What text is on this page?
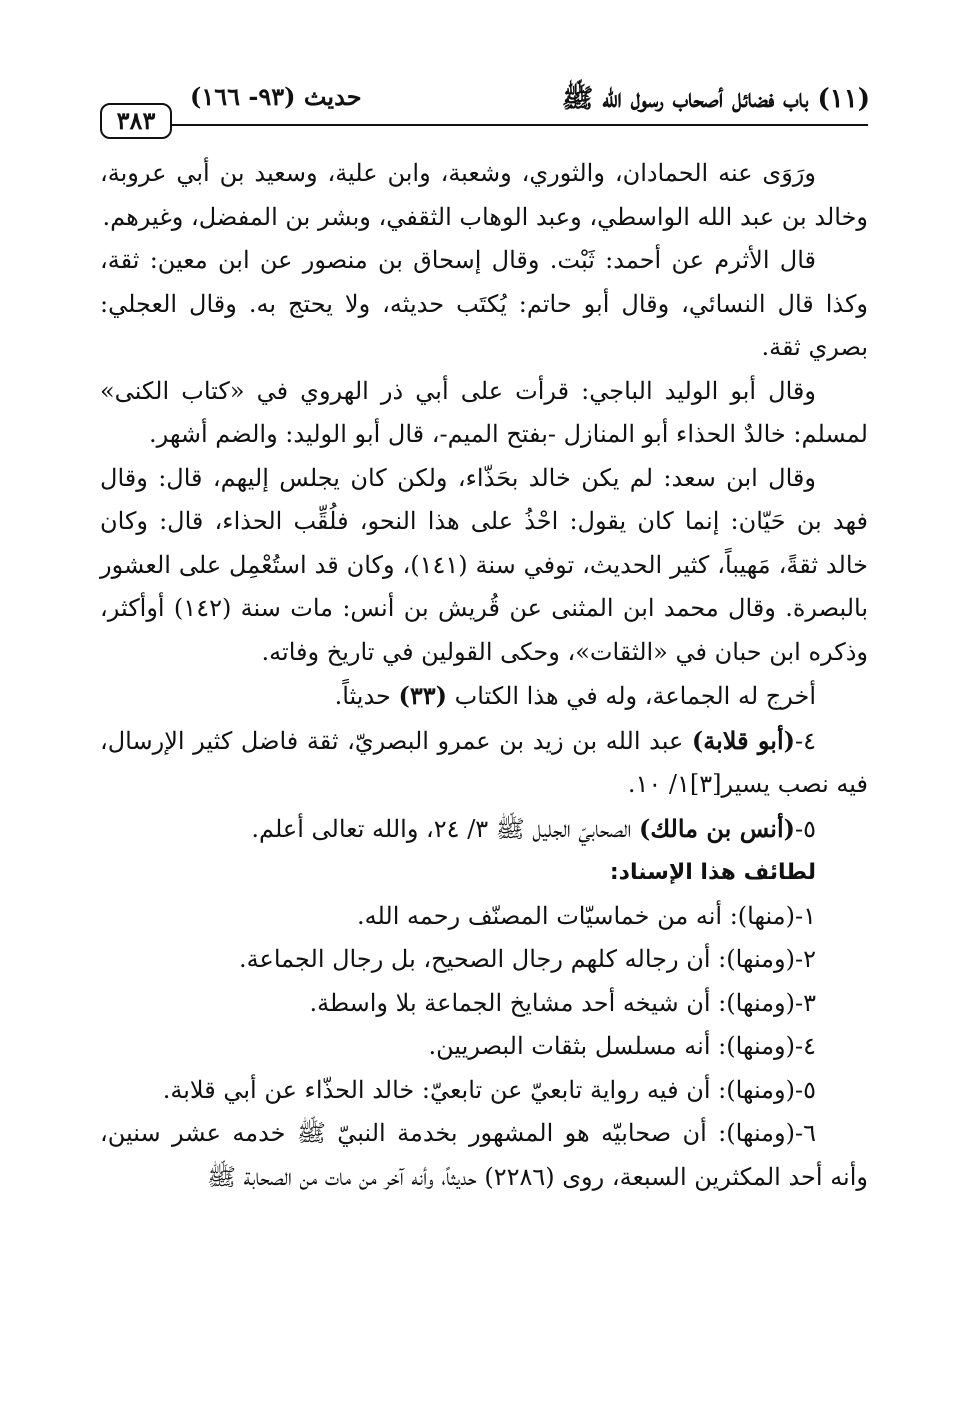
(١١) باب فضائل أصحاب رسول الله ﷺ
حديث (٩٣- ١٦٦)
٣٨٣

ورَوَى عنه الحمادان، والثوري، وشعبة، وابن علية، وسعيد بن أبي عروبة، وخالد بن عبد الله الواسطي، وعبد الوهاب الثقفي، وبشر بن المفضل، وغيرهم.

قال الأثرم عن أحمد: ثَبْت. وقال إسحاق بن منصور عن ابن معين: ثقة، وكذا قال النسائي، وقال أبو حاتم: يُكتَب حديثه، ولا يحتج به. وقال العجلي: بصري ثقة.

وقال أبو الوليد الباجي: قرأت على أبي ذر الهروي في «كتاب الكنى» لمسلم: خالدٌ الحذاء أبو المنازل -بفتح الميم-، قال أبو الوليد: والضم أشهر.

وقال ابن سعد: لم يكن خالد بحَذّاء، ولكن كان يجلس إليهم، قال: وقال فهد بن حَيّان: إنما كان يقول: احْذُ على هذا النحو، فلُقِّب الحذاء، قال: وكان خالد ثقةً، مَهيباً، كثير الحديث، توفي سنة (١٤١)، وكان قد استُعْمِل على العشور بالبصرة. وقال محمد ابن المثنى عن قُريش بن أنس: مات سنة (١٤٢) أوأكثر، وذكره ابن حبان في «الثقات»، وحكى القولين في تاريخ وفاته.

أخرج له الجماعة، وله في هذا الكتاب (٣٣) حديثاً.

٤-(أبو قلابة) عبد الله بن زيد بن عمرو البصريّ، ثقة فاضل كثير الإرسال، فيه نصب يسير[٣]١/ ١٠.

٥-(أنس بن مالك) الصحابيّ الجليل ﷺ ٣/ ٢٤، والله تعالى أعلم.

لطائف هذا الإسناد:

١-(منها): أنه من خماسيّات المصنّف رحمه الله.

٢-(ومنها): أن رجاله كلهم رجال الصحيح، بل رجال الجماعة.

٣-(ومنها): أن شيخه أحد مشايخ الجماعة بلا واسطة.

٤-(ومنها): أنه مسلسل بثقات البصريين.

٥-(ومنها): أن فيه رواية تابعيّ عن تابعيّ: خالد الحذّاء عن أبي قلابة.

٦-(ومنها): أن صحابيّه هو المشهور بخدمة النبيّ ﷺ خدمه عشر سنين، وأنه أحد المكثرين السبعة، روى (٢٢٨٦) حديثاً، وأنه آخر من مات من الصحابة ﷺ
